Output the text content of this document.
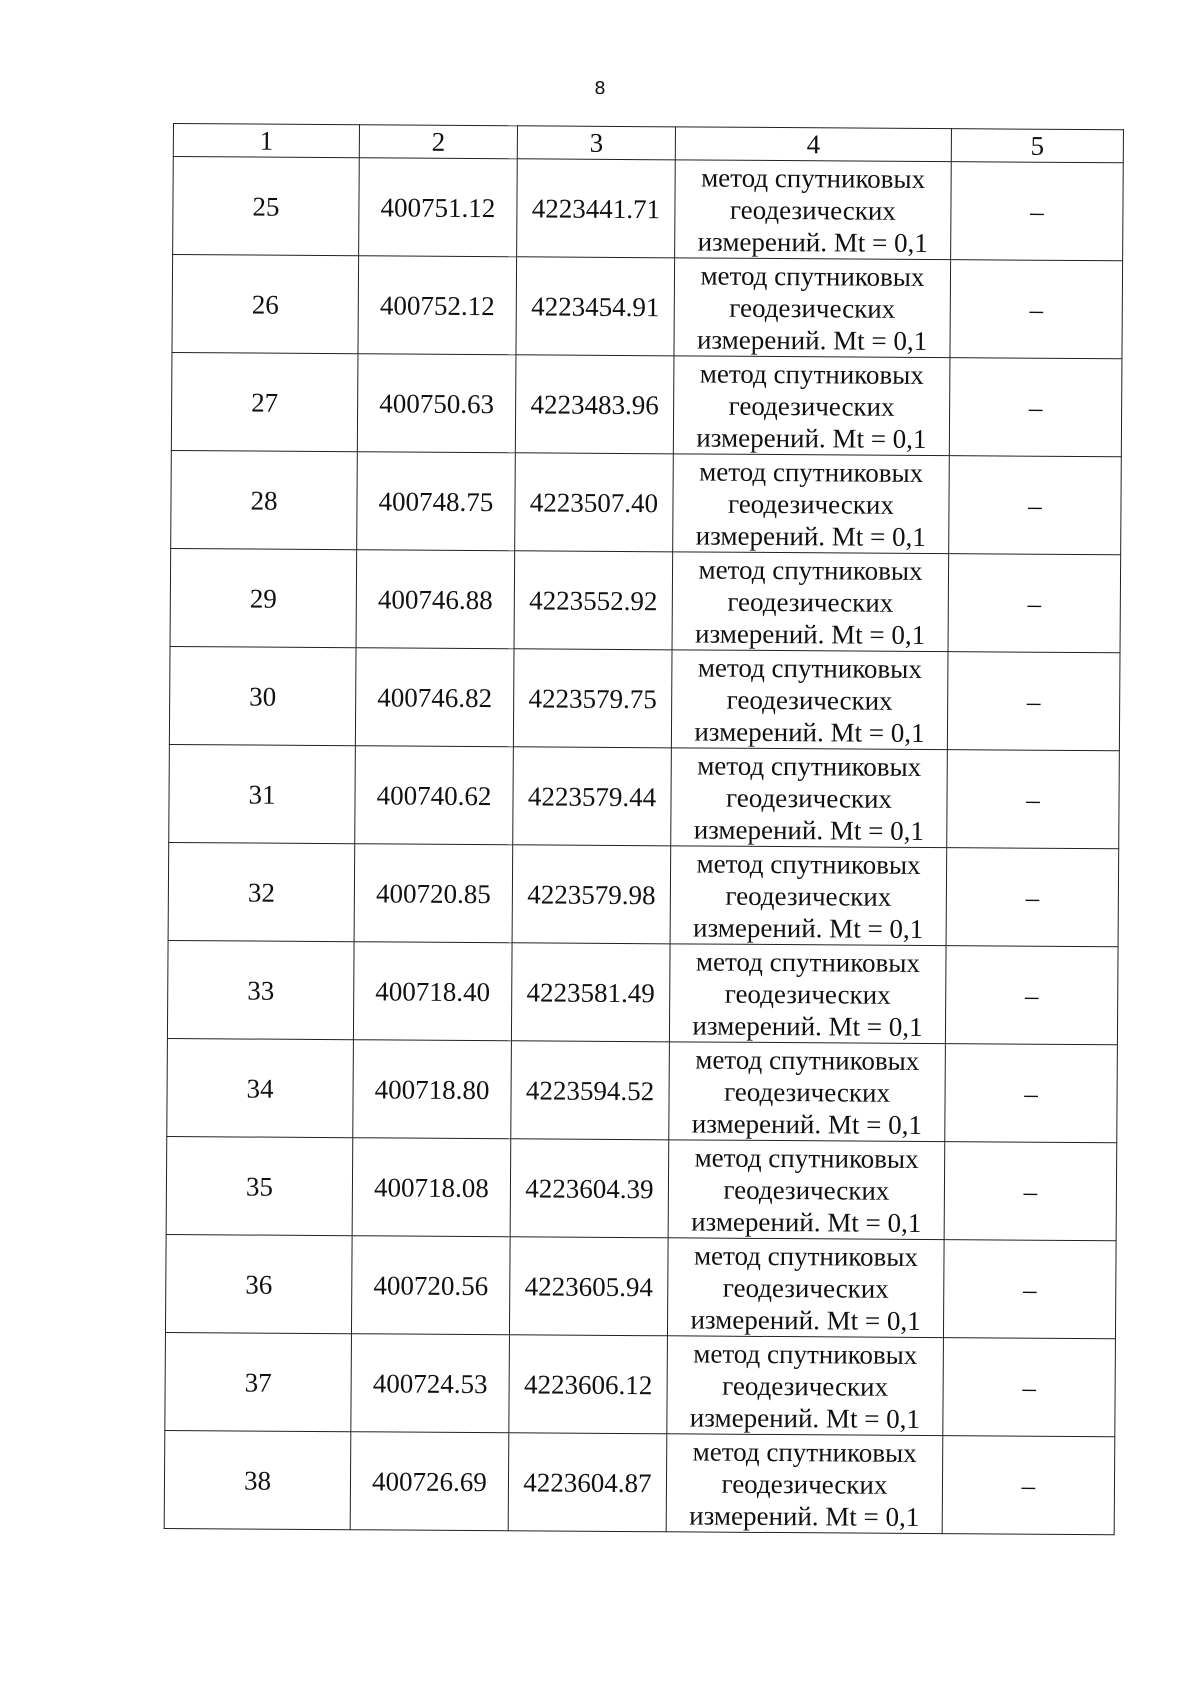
8
1	2	3	4	5
25	400751.12	4223441.71	метод спутниковых
геодезических
измерений. Mt = 0,1	–
26	400752.12	4223454.91	метод спутниковых
геодезических
измерений. Mt = 0,1	–
27	400750.63	4223483.96	метод спутниковых
геодезических
измерений. Mt = 0,1	–
28	400748.75	4223507.40	метод спутниковых
геодезических
измерений. Mt = 0,1	–
29	400746.88	4223552.92	метод спутниковых
геодезических
измерений. Mt = 0,1	–
30	400746.82	4223579.75	метод спутниковых
геодезических
измерений. Mt = 0,1	–
31	400740.62	4223579.44	метод спутниковых
геодезических
измерений. Mt = 0,1	–
32	400720.85	4223579.98	метод спутниковых
геодезических
измерений. Mt = 0,1	–
33	400718.40	4223581.49	метод спутниковых
геодезических
измерений. Mt = 0,1	–
34	400718.80	4223594.52	метод спутниковых
геодезических
измерений. Mt = 0,1	–
35	400718.08	4223604.39	метод спутниковых
геодезических
измерений. Mt = 0,1	–
36	400720.56	4223605.94	метод спутниковых
геодезических
измерений. Mt = 0,1	–
37	400724.53	4223606.12	метод спутниковых
геодезических
измерений. Mt = 0,1	–
38	400726.69	4223604.87	метод спутниковых
геодезических
измерений. Mt = 0,1	–
